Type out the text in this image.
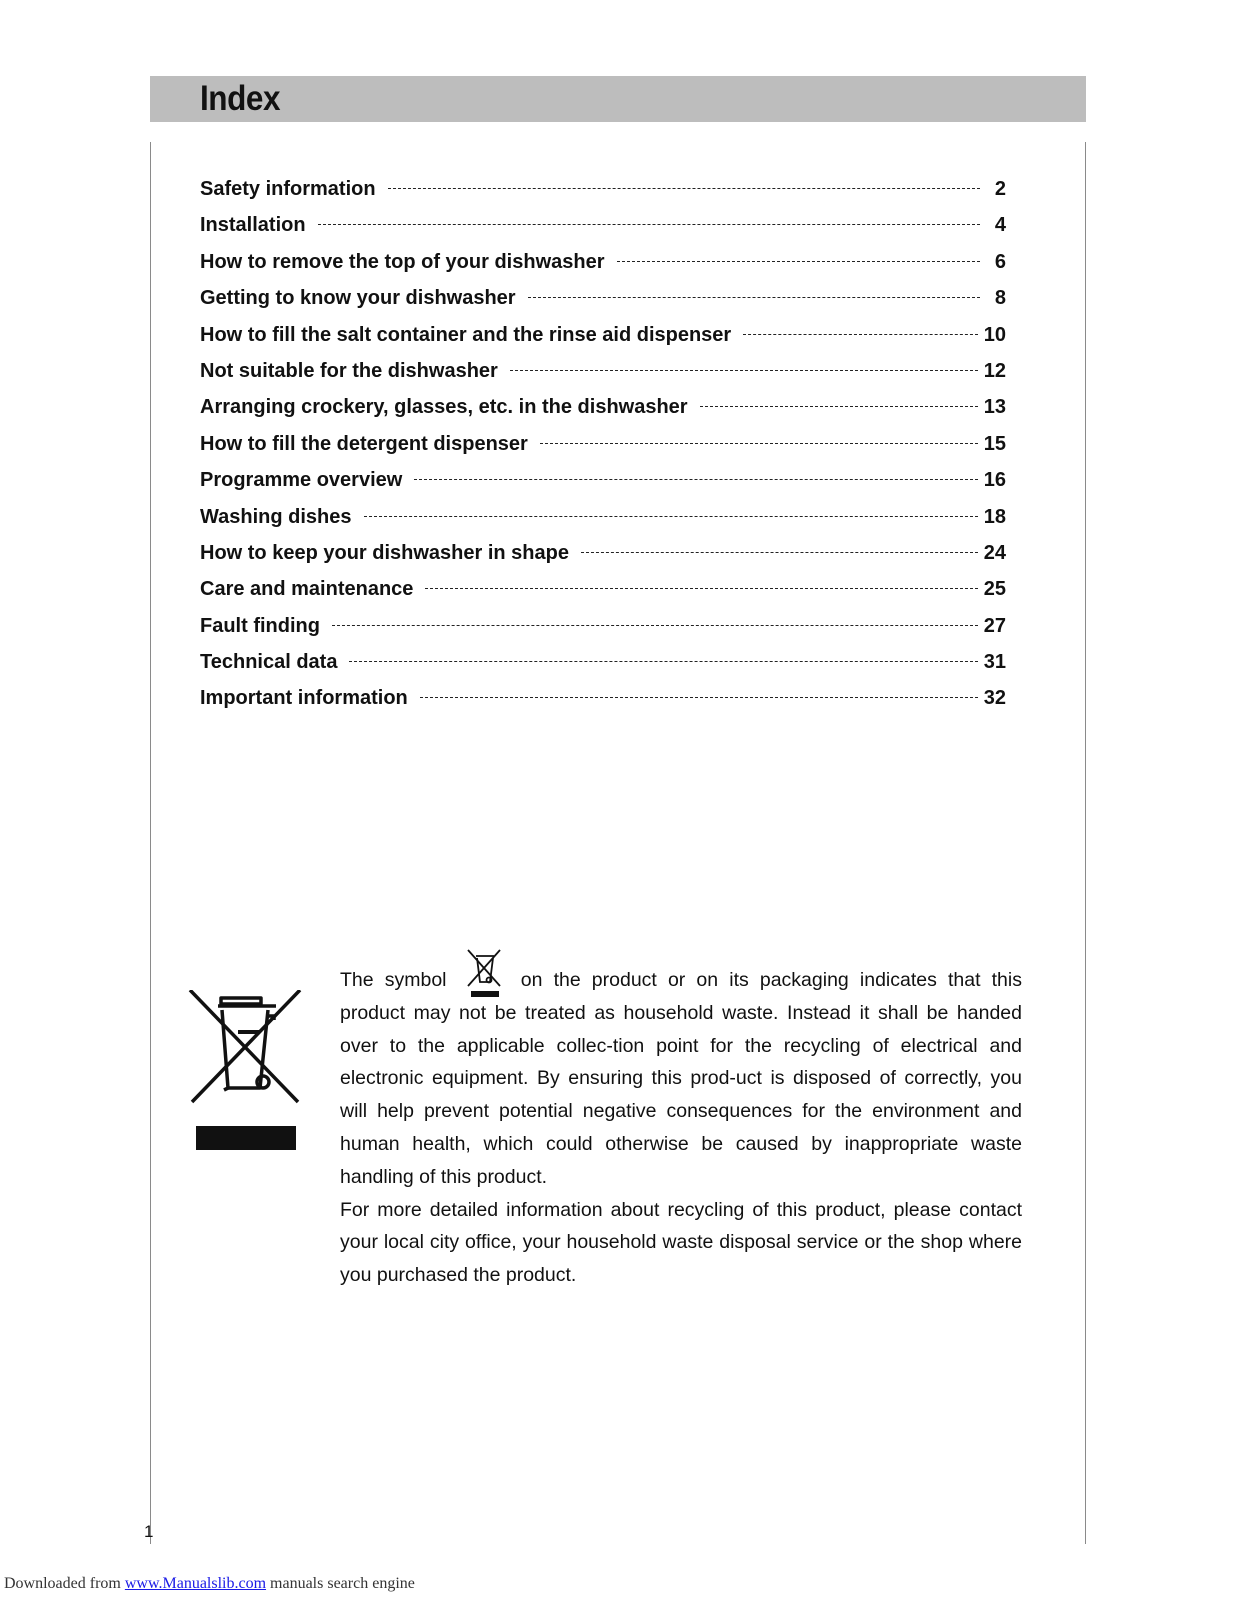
Index
Safety information	2
Installation	4
How to remove the top of your dishwasher	6
Getting to know your dishwasher	8
How to fill the salt container and the rinse aid dispenser	10
Not suitable for the dishwasher	12
Arranging crockery, glasses, etc. in the dishwasher	13
How to fill the detergent dispenser	15
Programme overview	16
Washing dishes	18
How to keep your dishwasher in shape	24
Care and maintenance	25
Fault finding	27
Technical data	31
Important information	32

The symbol	on the product or on its packaging indicates that this product may not be treated as household waste. Instead it shall be handed over to the applicable collec-tion point for the recycling of electrical and electronic equipment. By ensuring this prod-uct is disposed of correctly, you will help prevent potential negative consequences for the environment and human health, which could otherwise be caused by inappropriate waste handling of this product.

For more detailed information about recycling of this product, please contact your local city office, your household waste disposal service or the shop where you purchased the product.

1
Downloaded from www.Manualslib.com manuals search engine
